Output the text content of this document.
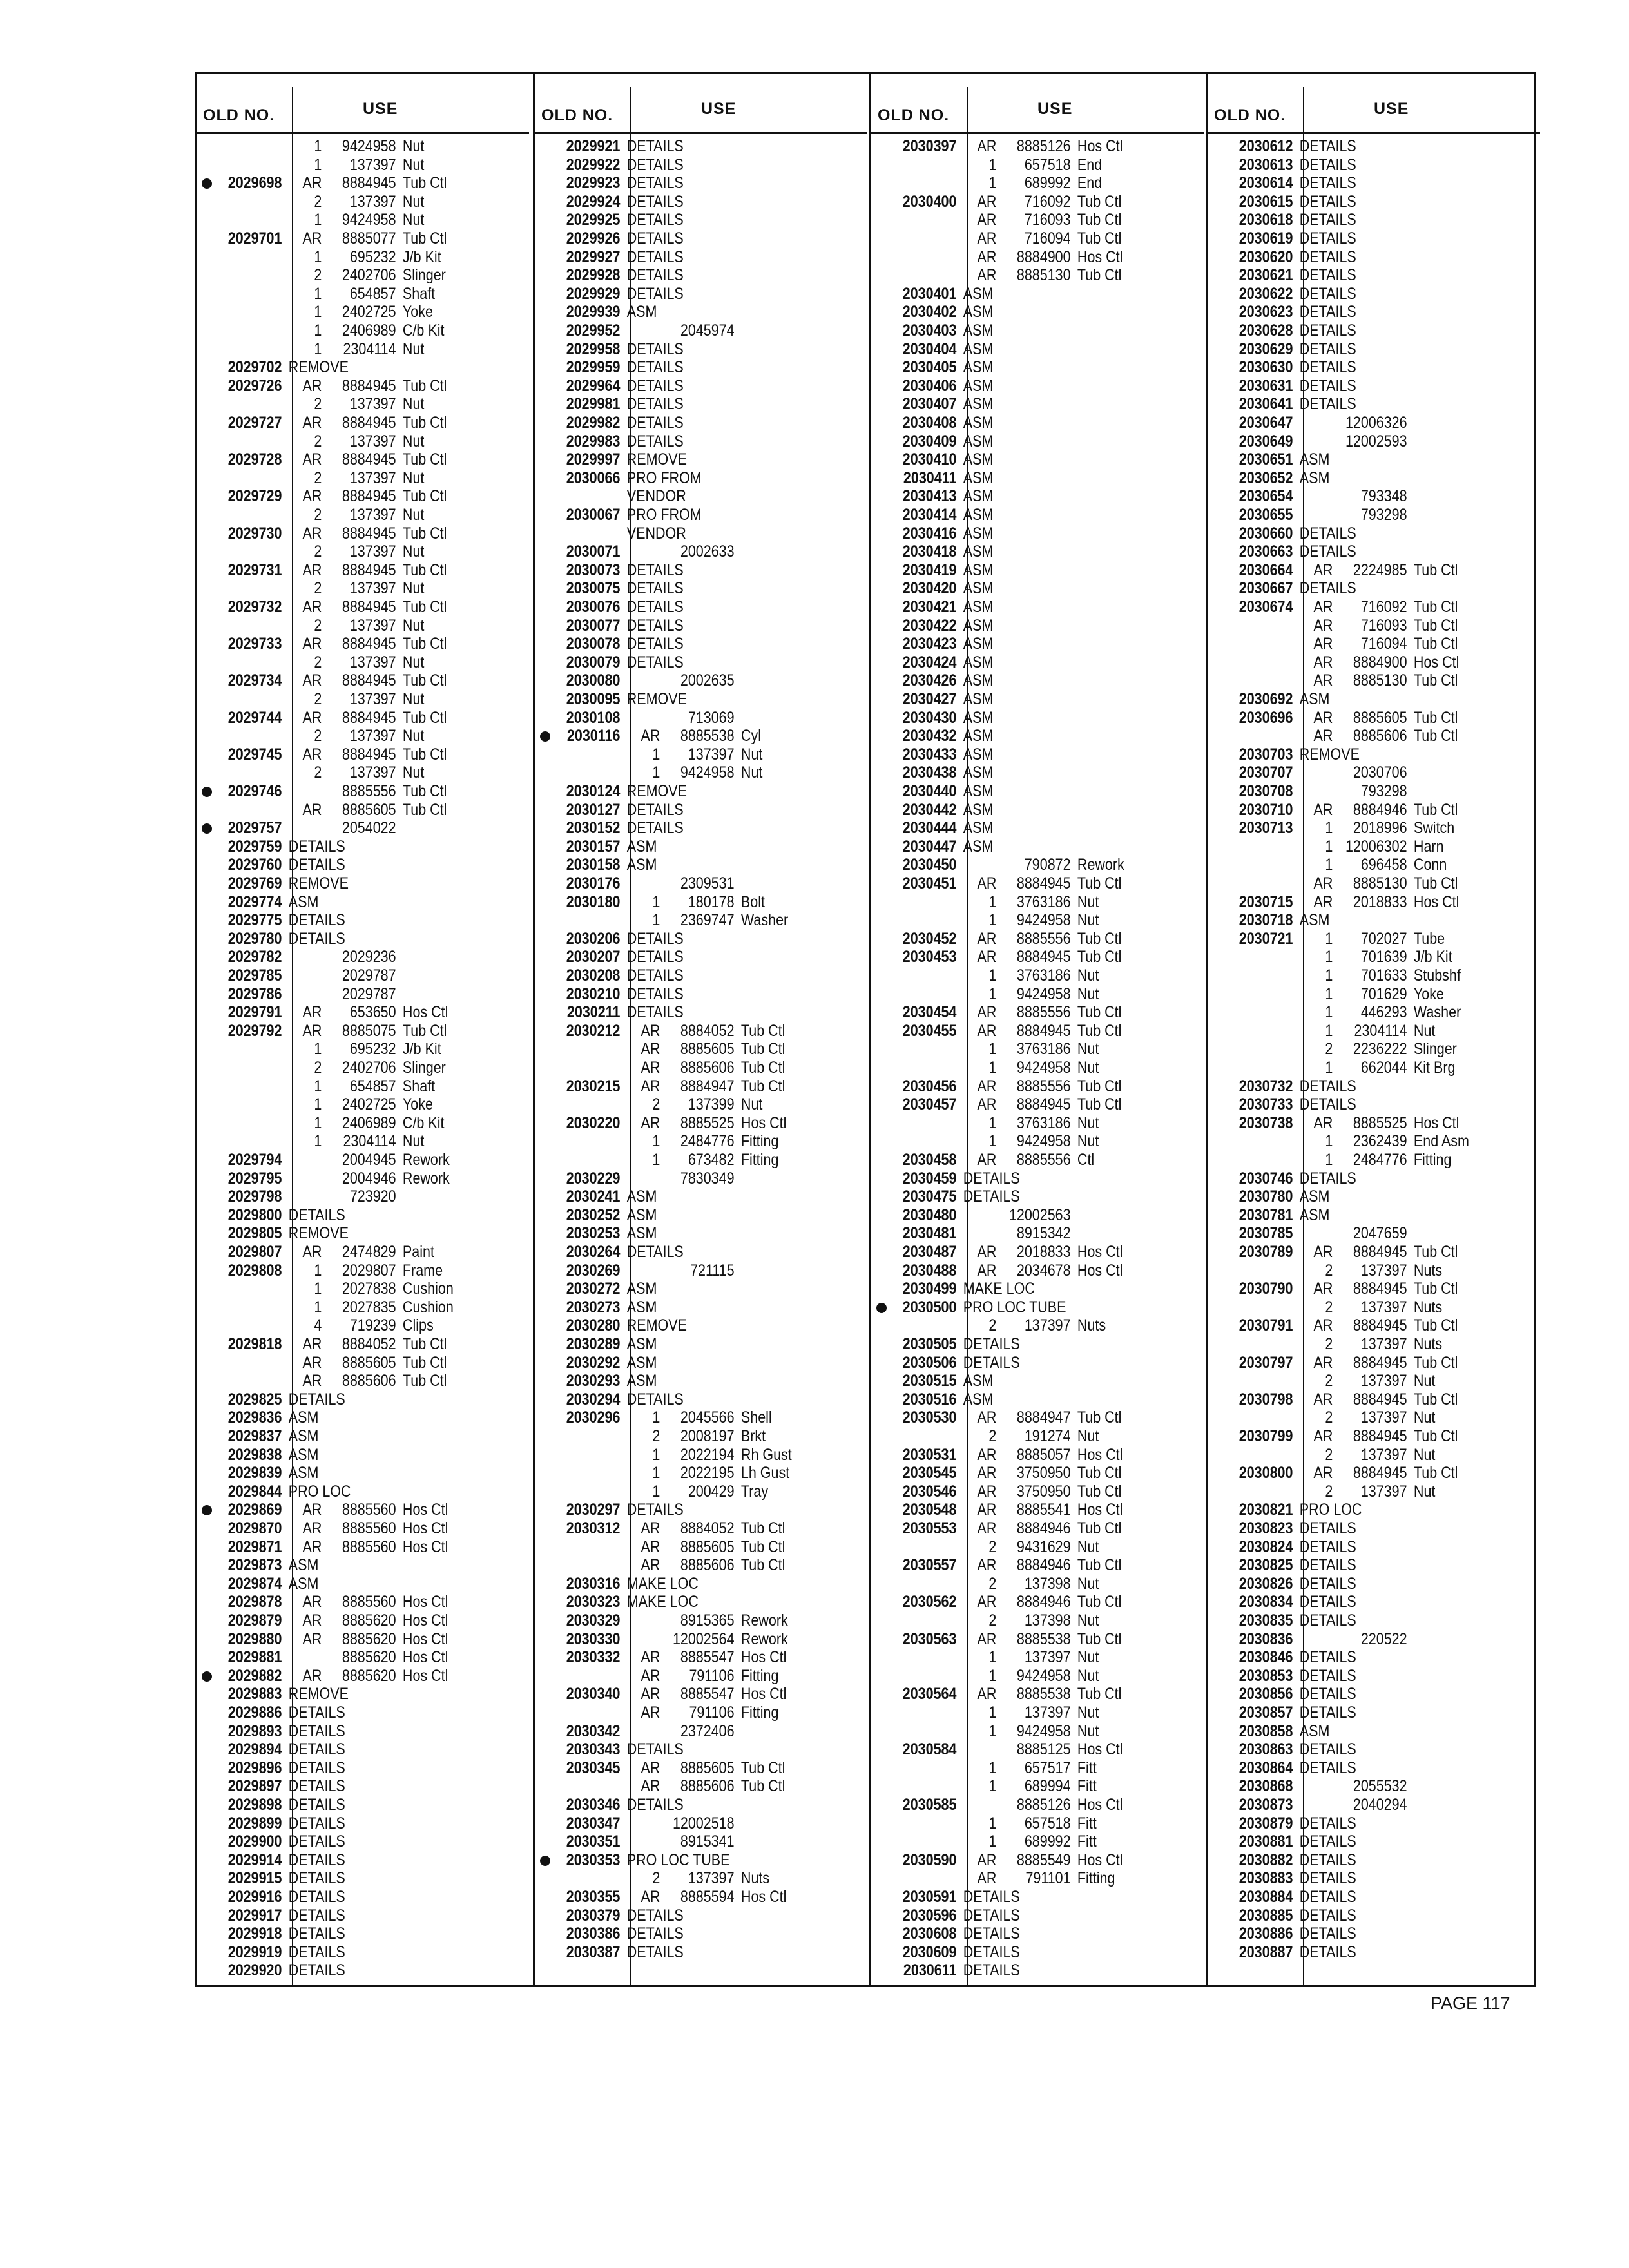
OLD NO.	USE
1 9424958 Nut
1 137397 Nut
2029698 AR 8884945 Tub Ctl
2 137397 Nut
1 9424958 Nut
2029701 AR 8885077 Tub Ctl
1 695232 J/b Kit
2 2402706 Slinger
1 654857 Shaft
1 2402725 Yoke
1 2406989 C/b Kit
1 2304114 Nut
2029702 REMOVE
2029726 AR 8884945 Tub Ctl
2 137397 Nut
2029727 AR 8884945 Tub Ctl
2 137397 Nut
2029728 AR 8884945 Tub Ctl
2 137397 Nut
2029729 AR 8884945 Tub Ctl
2 137397 Nut
2029730 AR 8884945 Tub Ctl
2 137397 Nut
2029731 AR 8884945 Tub Ctl
2 137397 Nut
2029732 AR 8884945 Tub Ctl
2 137397 Nut
2029733 AR 8884945 Tub Ctl
2 137397 Nut
2029734 AR 8884945 Tub Ctl
2 137397 Nut
2029744 AR 8884945 Tub Ctl
2 137397 Nut
2029745 AR 8884945 Tub Ctl
2 137397 Nut
2029746	8885556 Tub Ctl
AR 8885605 Tub Ctl
2029757	2054022
2029759 DETAILS
2029760 DETAILS
2029769 REMOVE
2029774 ASM
2029775 DETAILS
2029780 DETAILS
2029782	2029236
2029785	2029787
2029786	2029787
2029791 AR 653650 Hos Ctl
2029792 AR 8885075 Tub Ctl
1 695232 J/b Kit
2 2402706 Slinger
1 654857 Shaft
1 2402725 Yoke
1 2406989 C/b Kit
1 2304114 Nut
2029794	2004945 Rework
2029795	2004946 Rework
2029798	723920
2029800 DETAILS
2029805 REMOVE
2029807 AR 2474829 Paint
2029808 1 2029807 Frame
1 2027838 Cushion
1 2027835 Cushion
4 719239 Clips
2029818 AR 8884052 Tub Ctl
AR 8885605 Tub Ctl
AR 8885606 Tub Ctl
2029825 DETAILS
2029836 ASM
2029837 ASM
2029838 ASM
2029839 ASM
2029844 PRO LOC
2029869 AR 8885560 Hos Ctl
2029870 AR 8885560 Hos Ctl
2029871 AR 8885560 Hos Ctl
2029873 ASM
2029874 ASM
2029878 AR 8885560 Hos Ctl
2029879 AR 8885620 Hos Ctl
2029880 AR 8885620 Hos Ctl
2029881	8885620 Hos Ctl
2029882 AR 8885620 Hos Ctl
2029883 REMOVE
2029886 DETAILS
2029893 DETAILS
2029894 DETAILS
2029896 DETAILS
2029897 DETAILS
2029898 DETAILS
2029899 DETAILS
2029900 DETAILS
2029914 DETAILS
2029915 DETAILS
2029916 DETAILS
2029917 DETAILS
2029918 DETAILS
2029919 DETAILS
2029920 DETAILS
OLD NO.	USE
2029921 DETAILS
2029922 DETAILS
2029923 DETAILS
2029924 DETAILS
2029925 DETAILS
2029926 DETAILS
2029927 DETAILS
2029928 DETAILS
2029929 DETAILS
2029939 ASM
2029952	2045974
2029958 DETAILS
2029959 DETAILS
2029964 DETAILS
2029981 DETAILS
2029982 DETAILS
2029983 DETAILS
2029997 REMOVE
2030066 PRO FROM
VENDOR
2030067 PRO FROM
VENDOR
2030071	2002633
2030073 DETAILS
2030075 DETAILS
2030076 DETAILS
2030077 DETAILS
2030078 DETAILS
2030079 DETAILS
2030080	2002635
2030095 REMOVE
2030108	713069
2030116 AR 8885538 Cyl
1 137397 Nut
1 9424958 Nut
2030124 REMOVE
2030127 DETAILS
2030152 DETAILS
2030157 ASM
2030158 ASM
2030176	2309531
2030180 1 180178 Bolt
1 2369747 Washer
2030206 DETAILS
2030207 DETAILS
2030208 DETAILS
2030210 DETAILS
2030211 DETAILS
2030212 AR 8884052 Tub Ctl
AR 8885605 Tub Ctl
AR 8885606 Tub Ctl
2030215 AR 8884947 Tub Ctl
2 137399 Nut
2030220 AR 8885525 Hos Ctl
1 2484776 Fitting
1 673482 Fitting
2030229	7830349
2030241 ASM
2030252 ASM
2030253 ASM
2030264 DETAILS
2030269	721115
2030272 ASM
2030273 ASM
2030280 REMOVE
2030289 ASM
2030292 ASM
2030293 ASM
2030294 DETAILS
2030296 1 2045566 Shell
2 2008197 Brkt
1 2022194 Rh Gust
1 2022195 Lh Gust
1 200429 Tray
2030297 DETAILS
2030312 AR 8884052 Tub Ctl
AR 8885605 Tub Ctl
AR 8885606 Tub Ctl
2030316 MAKE LOC
2030323 MAKE LOC
2030329	8915365 Rework
2030330	12002564 Rework
2030332 AR 8885547 Hos Ctl
AR 791106 Fitting
2030340 AR 8885547 Hos Ctl
AR 791106 Fitting
2030342	2372406
2030343 DETAILS
2030345 AR 8885605 Tub Ctl
AR 8885606 Tub Ctl
2030346 DETAILS
2030347	12002518
2030351	8915341
2030353 PRO LOC TUBE
2 137397 Nuts
2030355 AR 8885594 Hos Ctl
2030379 DETAILS
2030386 DETAILS
2030387 DETAILS
OLD NO.	USE
2030397 AR 8885126 Hos Ctl
1 657518 End
1 689992 End
2030400 AR 716092 Tub Ctl
AR 716093 Tub Ctl
AR 716094 Tub Ctl
AR 8884900 Hos Ctl
AR 8885130 Tub Ctl
2030401 ASM
2030402 ASM
2030403 ASM
2030404 ASM
2030405 ASM
2030406 ASM
2030407 ASM
2030408 ASM
2030409 ASM
2030410 ASM
2030411 ASM
2030413 ASM
2030414 ASM
2030416 ASM
2030418 ASM
2030419 ASM
2030420 ASM
2030421 ASM
2030422 ASM
2030423 ASM
2030424 ASM
2030426 ASM
2030427 ASM
2030430 ASM
2030432 ASM
2030433 ASM
2030438 ASM
2030440 ASM
2030442 ASM
2030444 ASM
2030447 ASM
2030450	790872 Rework
2030451 AR 8884945 Tub Ctl
1 3763186 Nut
1 9424958 Nut
2030452 AR 8885556 Tub Ctl
2030453 AR 8884945 Tub Ctl
1 3763186 Nut
1 9424958 Nut
2030454 AR 8885556 Tub Ctl
2030455 AR 8884945 Tub Ctl
1 3763186 Nut
1 9424958 Nut
2030456 AR 8885556 Tub Ctl
2030457 AR 8884945 Tub Ctl
1 3763186 Nut
1 9424958 Nut
2030458 AR 8885556 Ctl
2030459 DETAILS
2030475 DETAILS
2030480	12002563
2030481	8915342
2030487 AR 2018833 Hos Ctl
2030488 AR 2034678 Hos Ctl
2030499 MAKE LOC
2030500 PRO LOC TUBE
2 137397 Nuts
2030505 DETAILS
2030506 DETAILS
2030515 ASM
2030516 ASM
2030530 AR 8884947 Tub Ctl
2 191274 Nut
2030531 AR 8885057 Hos Ctl
2030545 AR 3750950 Tub Ctl
2030546 AR 3750950 Tub Ctl
2030548 AR 8885541 Hos Ctl
2030553 AR 8884946 Tub Ctl
2 9431629 Nut
2030557 AR 8884946 Tub Ctl
2 137398 Nut
2030562 AR 8884946 Tub Ctl
2 137398 Nut
2030563 AR 8885538 Tub Ctl
1 137397 Nut
1 9424958 Nut
2030564 AR 8885538 Tub Ctl
1 137397 Nut
1 9424958 Nut
2030584	8885125 Hos Ctl
1 657517 Fitt
1 689994 Fitt
2030585	8885126 Hos Ctl
1 657518 Fitt
1 689992 Fitt
2030590 AR 8885549 Hos Ctl
AR 791101 Fitting
2030591 DETAILS
2030596 DETAILS
2030608 DETAILS
2030609 DETAILS
2030611 DETAILS
OLD NO.	USE
2030612 DETAILS
2030613 DETAILS
2030614 DETAILS
2030615 DETAILS
2030618 DETAILS
2030619 DETAILS
2030620 DETAILS
2030621 DETAILS
2030622 DETAILS
2030623 DETAILS
2030628 DETAILS
2030629 DETAILS
2030630 DETAILS
2030631 DETAILS
2030641 DETAILS
2030647	12006326
2030649	12002593
2030651 ASM
2030652 ASM
2030654	793348
2030655	793298
2030660 DETAILS
2030663 DETAILS
2030664 AR 2224985 Tub Ctl
2030667 DETAILS
2030674 AR 716092 Tub Ctl
AR 716093 Tub Ctl
AR 716094 Tub Ctl
AR 8884900 Hos Ctl
AR 8885130 Tub Ctl
2030692 ASM
2030696 AR 8885605 Tub Ctl
AR 8885606 Tub Ctl
2030703 REMOVE
2030707	2030706
2030708	793298
2030710 AR 8884946 Tub Ctl
2030713 1 2018996 Switch
1 12006302 Harn
1 696458 Conn
AR 8885130 Tub Ctl
2030715 AR 2018833 Hos Ctl
2030718 ASM
2030721 1 702027 Tube
1 701639 J/b Kit
1 701633 Stubshf
1 701629 Yoke
1 446293 Washer
1 2304114 Nut
2 2236222 Slinger
1 662044 Kit Brg
2030732 DETAILS
2030733 DETAILS
2030738 AR 8885525 Hos Ctl
1 2362439 End Asm
1 2484776 Fitting
2030746 DETAILS
2030780 ASM
2030781 ASM
2030785	2047659
2030789 AR 8884945 Tub Ctl
2 137397 Nuts
2030790 AR 8884945 Tub Ctl
2 137397 Nuts
2030791 AR 8884945 Tub Ctl
2 137397 Nuts
2030797 AR 8884945 Tub Ctl
2 137397 Nut
2030798 AR 8884945 Tub Ctl
2 137397 Nut
2030799 AR 8884945 Tub Ctl
2 137397 Nut
2030800 AR 8884945 Tub Ctl
2 137397 Nut
2030821 PRO LOC
2030823 DETAILS
2030824 DETAILS
2030825 DETAILS
2030826 DETAILS
2030834 DETAILS
2030835 DETAILS
2030836	220522
2030846 DETAILS
2030853 DETAILS
2030856 DETAILS
2030857 DETAILS
2030858 ASM
2030863 DETAILS
2030864 DETAILS
2030868	2055532
2030873	2040294
2030879 DETAILS
2030881 DETAILS
2030882 DETAILS
2030883 DETAILS
2030884 DETAILS
2030885 DETAILS
2030886 DETAILS
2030887 DETAILS
PAGE 117
